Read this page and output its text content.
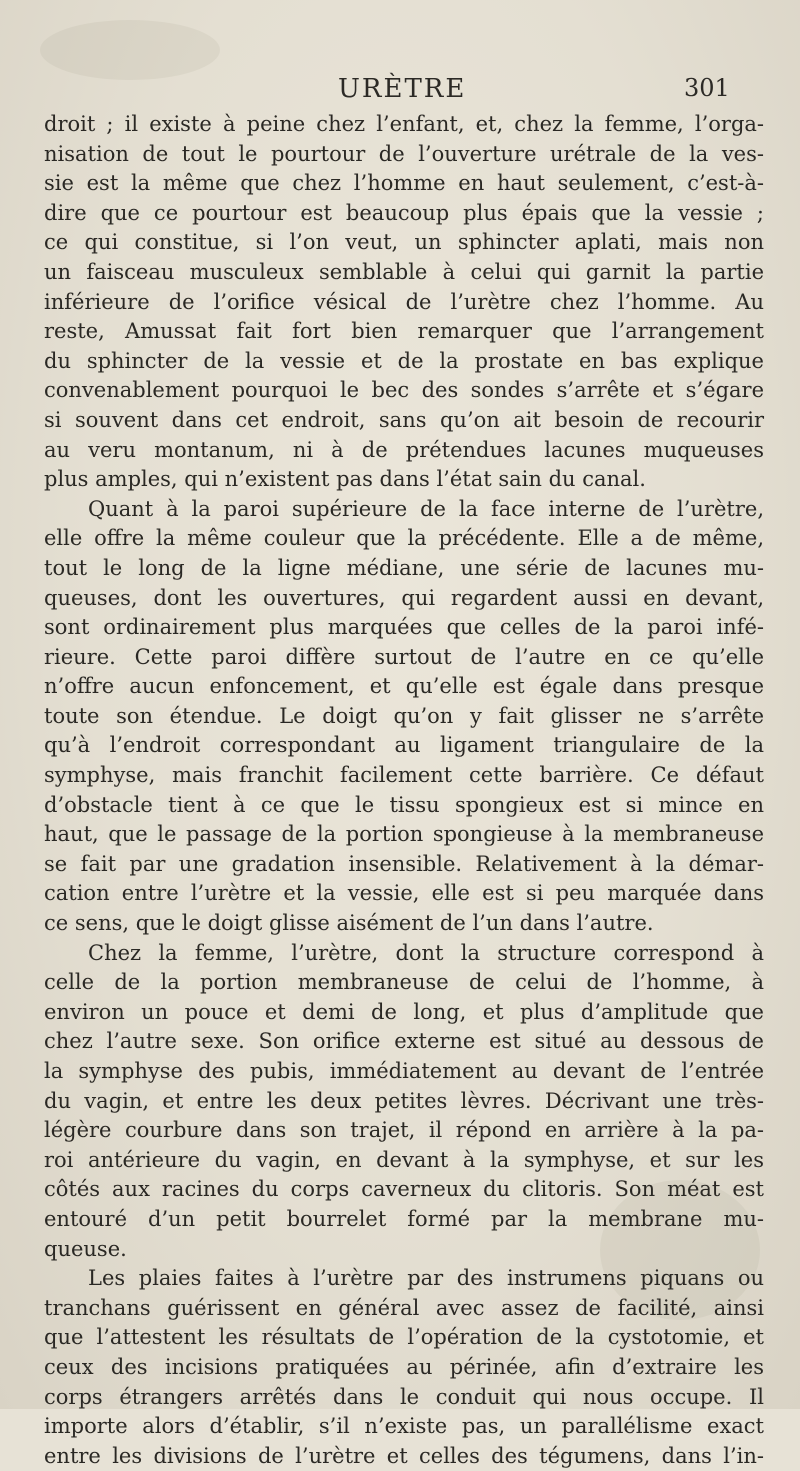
URÈTRE	301
droit ; il existe à peine chez l’enfant, et, chez la femme, l’orga-
nisation de tout le pourtour de l’ouverture urétrale de la ves-
sie est la même que chez l’homme en haut seulement, c’est-à-
dire que ce pourtour est beaucoup plus épais que la vessie ;
ce qui constitue, si l’on veut, un sphincter aplati, mais non
un faisceau musculeux semblable à celui qui garnit la partie
inférieure de l’orifice vésical de l’urètre chez l’homme. Au
reste, Amussat fait fort bien remarquer que l’arrangement
du sphincter de la vessie et de la prostate en bas explique
convenablement pourquoi le bec des sondes s’arrête et s’égare
si souvent dans cet endroit, sans qu’on ait besoin de recourir
au veru montanum, ni à de prétendues lacunes muqueuses
plus amples, qui n’existent pas dans l’état sain du canal.
Quant à la paroi supérieure de la face interne de l’urètre,
elle offre la même couleur que la précédente. Elle a de même,
tout le long de la ligne médiane, une série de lacunes mu-
queuses, dont les ouvertures, qui regardent aussi en devant,
sont ordinairement plus marquées que celles de la paroi infé-
rieure. Cette paroi diffère surtout de l’autre en ce qu’elle
n’offre aucun enfoncement, et qu’elle est égale dans presque
toute son étendue. Le doigt qu’on y fait glisser ne s’arrête
qu’à l’endroit correspondant au ligament triangulaire de la
symphyse, mais franchit facilement cette barrière. Ce défaut
d’obstacle tient à ce que le tissu spongieux est si mince en
haut, que le passage de la portion spongieuse à la membraneuse
se fait par une gradation insensible. Relativement à la démar-
cation entre l’urètre et la vessie, elle est si peu marquée dans
ce sens, que le doigt glisse aisément de l’un dans l’autre.
Chez la femme, l’urètre, dont la structure correspond à
celle de la portion membraneuse de celui de l’homme, à
environ un pouce et demi de long, et plus d’amplitude que
chez l’autre sexe. Son orifice externe est situé au dessous de
la symphyse des pubis, immédiatement au devant de l’entrée
du vagin, et entre les deux petites lèvres. Décrivant une très-
légère courbure dans son trajet, il répond en arrière à la pa-
roi antérieure du vagin, en devant à la symphyse, et sur les
côtés aux racines du corps caverneux du clitoris. Son méat est
entouré d’un petit bourrelet formé par la membrane mu-
queuse.
Les plaies faites à l’urètre par des instrumens piquans ou
tranchans guérissent en général avec assez de facilité, ainsi
que l’attestent les résultats de l’opération de la cystotomie, et
ceux des incisions pratiquées au périnée, afin d’extraire les
corps étrangers arrêtés dans le conduit qui nous occupe. Il
importe alors d’établir, s’il n’existe pas, un parallélisme exact
entre les divisions de l’urètre et celles des tégumens, dans l’in-
